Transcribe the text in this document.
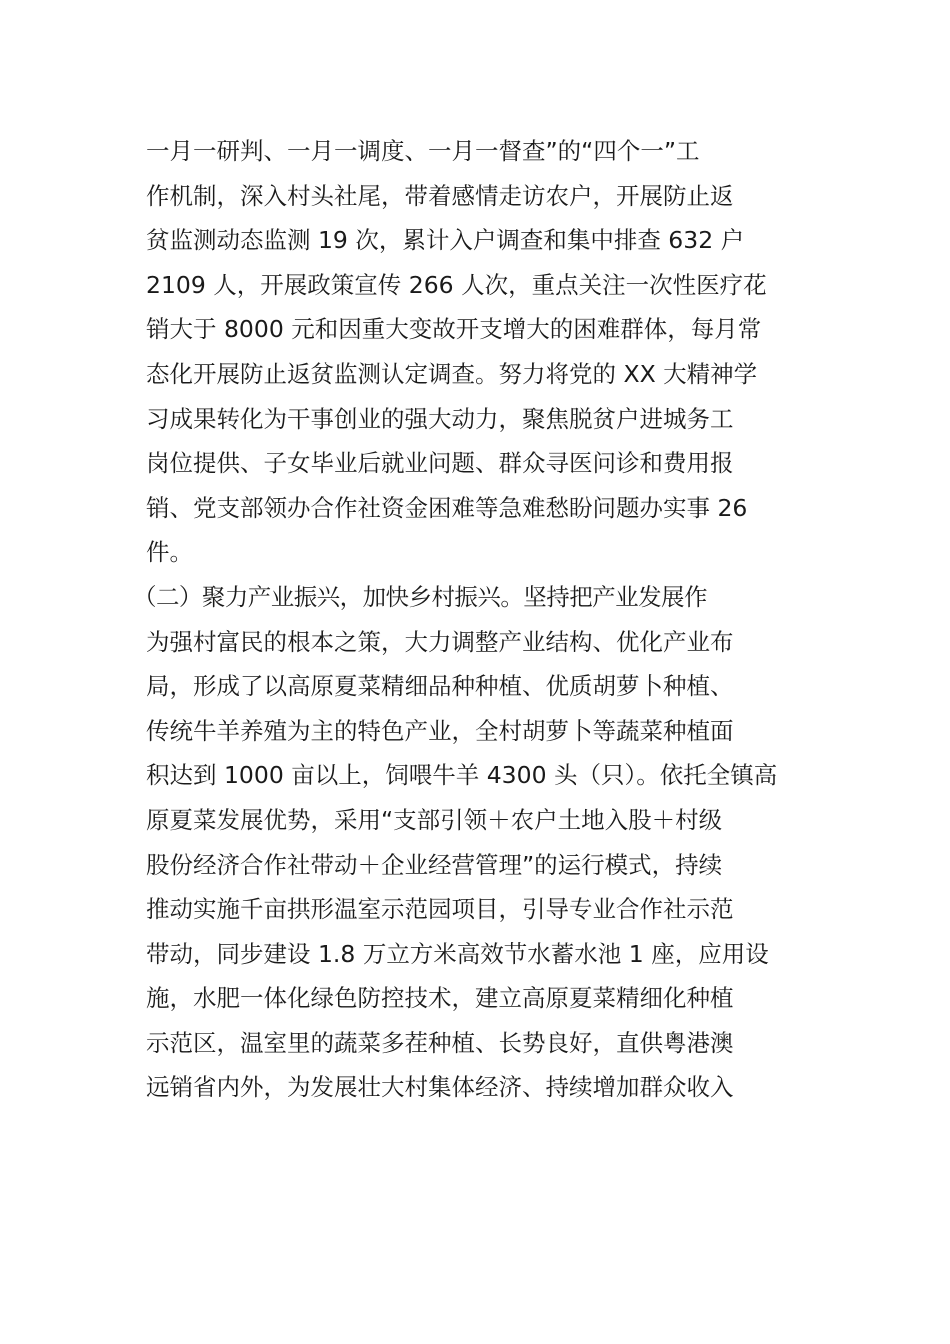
一月一研判、一月一调度、一月一督查”的“四个一”工
作机制，深入村头社尾，带着感情走访农户，开展防止返
贫监测动态监测 19 次，累计入户调查和集中排查 632 户
2109 人，开展政策宣传 266 人次，重点关注一次性医疗花
销大于 8000 元和因重大变故开支增大的困难群体，每月常
态化开展防止返贫监测认定调查。努力将党的 XX 大精神学
习成果转化为干事创业的强大动力，聚焦脱贫户进城务工
岗位提供、子女毕业后就业问题、群众寻医问诊和费用报
销、党支部领办合作社资金困难等急难愁盼问题办实事 26
件。
（二）聚力产业振兴，加快乡村振兴。坚持把产业发展作
为强村富民的根本之策，大力调整产业结构、优化产业布
局，形成了以高原夏菜精细品种种植、优质胡萝卜种植、
传统牛羊养殖为主的特色产业，全村胡萝卜等蔬菜种植面
积达到 1000 亩以上，饲喂牛羊 4300 头（只）。依托全镇高
原夏菜发展优势，采用“支部引领＋农户土地入股＋村级
股份经济合作社带动＋企业经营管理”的运行模式，持续
推动实施千亩拱形温室示范园项目，引导专业合作社示范
带动，同步建设 1.8 万立方米高效节水蓄水池 1 座，应用设
施，水肥一体化绿色防控技术，建立高原夏菜精细化种植
示范区，温室里的蔬菜多茬种植、长势良好，直供粤港澳
远销省内外，为发展壮大村集体经济、持续增加群众收入
